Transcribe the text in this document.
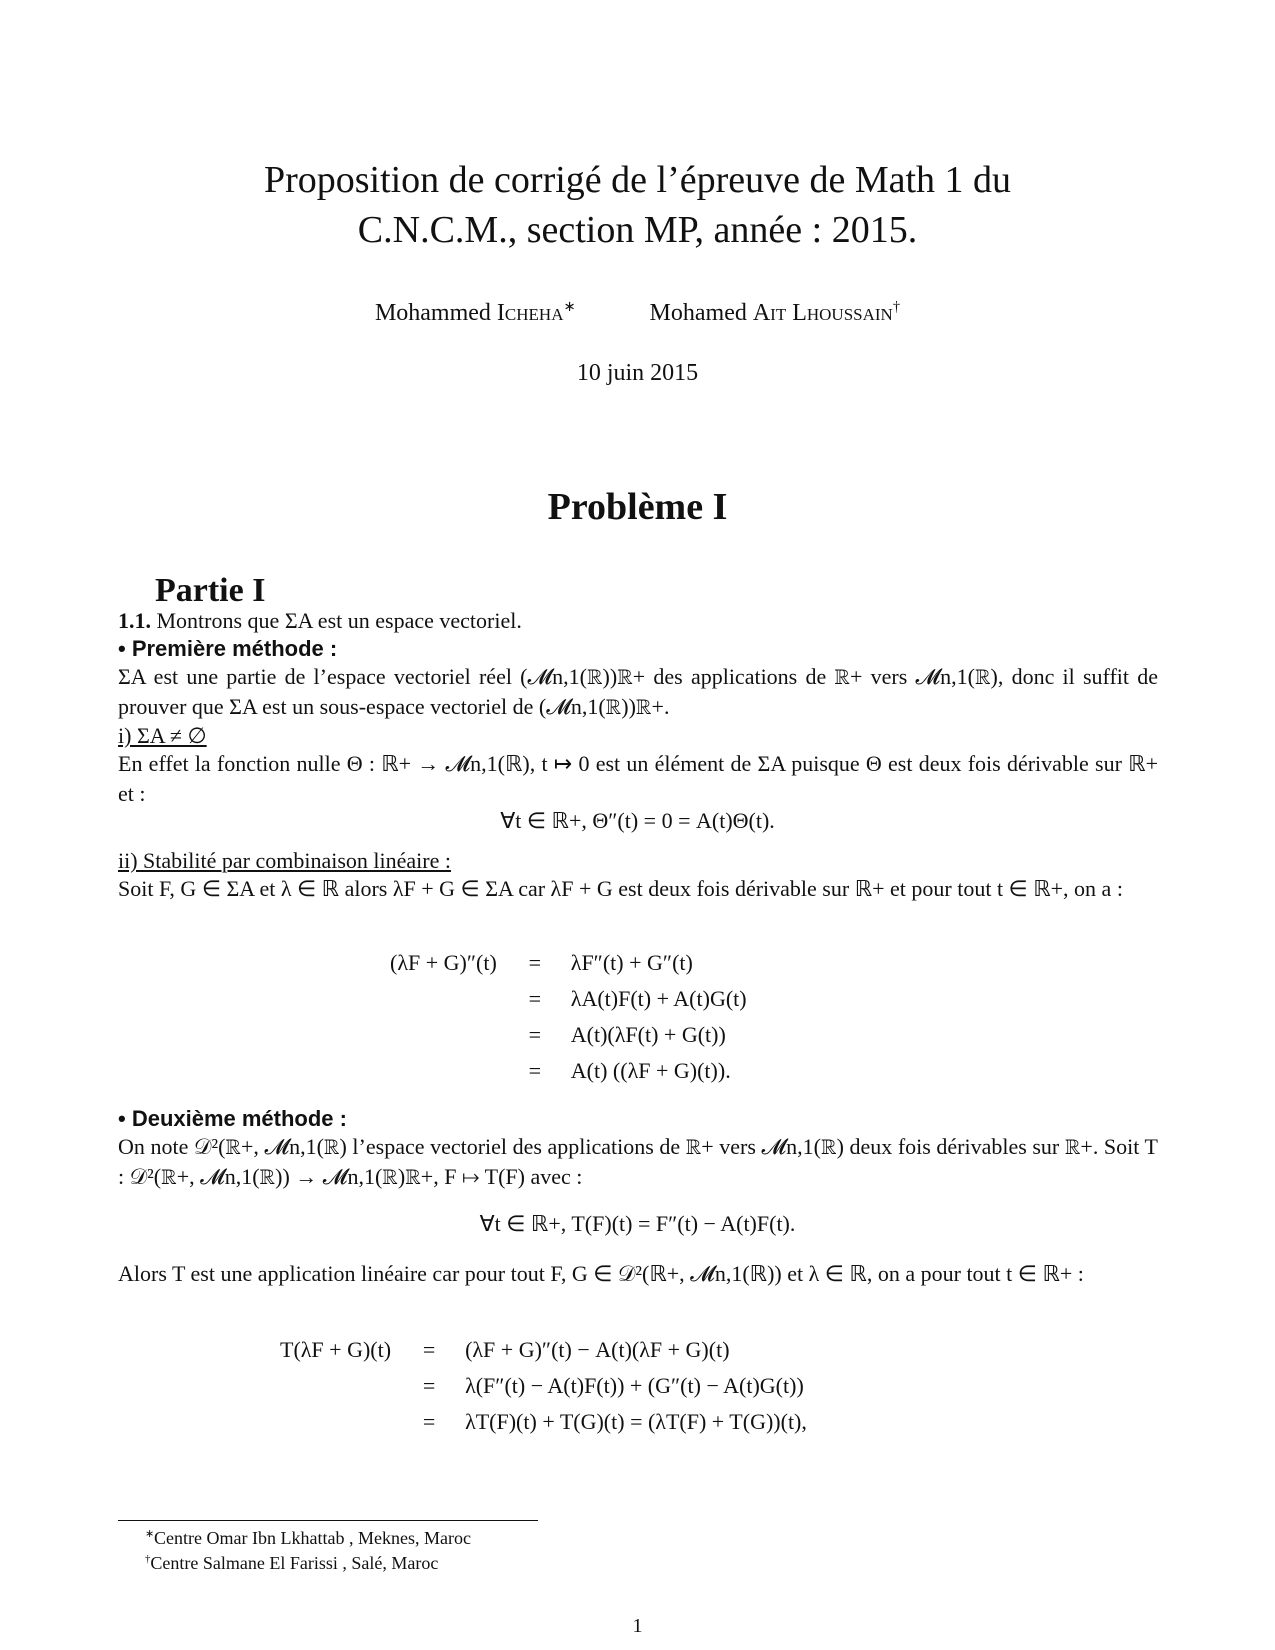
Proposition de corrigé de l’épreuve de Math 1 du
C.N.C.M., section MP, année : 2015.
Mohammed Icheha∗	Mohamed Ait Lhoussain†
10 juin 2015
Problème I
Partie I
1.1. Montrons que ΣA est un espace vectoriel.
• Première méthode :
ΣA est une partie de l’espace vectoriel réel (𝓜n,1(ℝ))ℝ+ des applications de ℝ+ vers 𝓜n,1(ℝ), donc il suffit de prouver que ΣA est un sous-espace vectoriel de (𝓜n,1(ℝ))ℝ+.
i) ΣA ≠ ∅
En effet la fonction nulle Θ : ℝ+ → 𝓜n,1(ℝ), t ↦ 0 est un élément de ΣA puisque Θ est deux fois dérivable sur ℝ+ et :
∀t ∈ ℝ+, Θ″(t) = 0 = A(t)Θ(t).
ii) Stabilité par combinaison linéaire :
Soit F, G ∈ ΣA et λ ∈ ℝ alors λF + G ∈ ΣA car λF + G est deux fois dérivable sur ℝ+ et pour tout t ∈ ℝ+, on a :
(λF + G)″(t)	=	λF″(t) + G″(t)
	=	λA(t)F(t) + A(t)G(t)
	=	A(t)(λF(t) + G(t))
	=	A(t) ((λF + G)(t)).
• Deuxième méthode :
On note 𝒟²(ℝ+, 𝓜n,1(ℝ) l’espace vectoriel des applications de ℝ+ vers 𝓜n,1(ℝ) deux fois dérivables sur ℝ+. Soit T : 𝒟²(ℝ+, 𝓜n,1(ℝ)) → 𝓜n,1(ℝ)ℝ+, F ↦ T(F) avec :
∀t ∈ ℝ+, T(F)(t) = F″(t) − A(t)F(t).
Alors T est une application linéaire car pour tout F, G ∈ 𝒟²(ℝ+, 𝓜n,1(ℝ)) et λ ∈ ℝ, on a pour tout t ∈ ℝ+ :
T(λF + G)(t)	=	(λF + G)″(t) − A(t)(λF + G)(t)
	=	λ(F″(t) − A(t)F(t)) + (G″(t) − A(t)G(t))
	=	λT(F)(t) + T(G)(t) = (λT(F) + T(G))(t),
∗Centre Omar Ibn Lkhattab , Meknes, Maroc
†Centre Salmane El Farissi , Salé, Maroc
1
